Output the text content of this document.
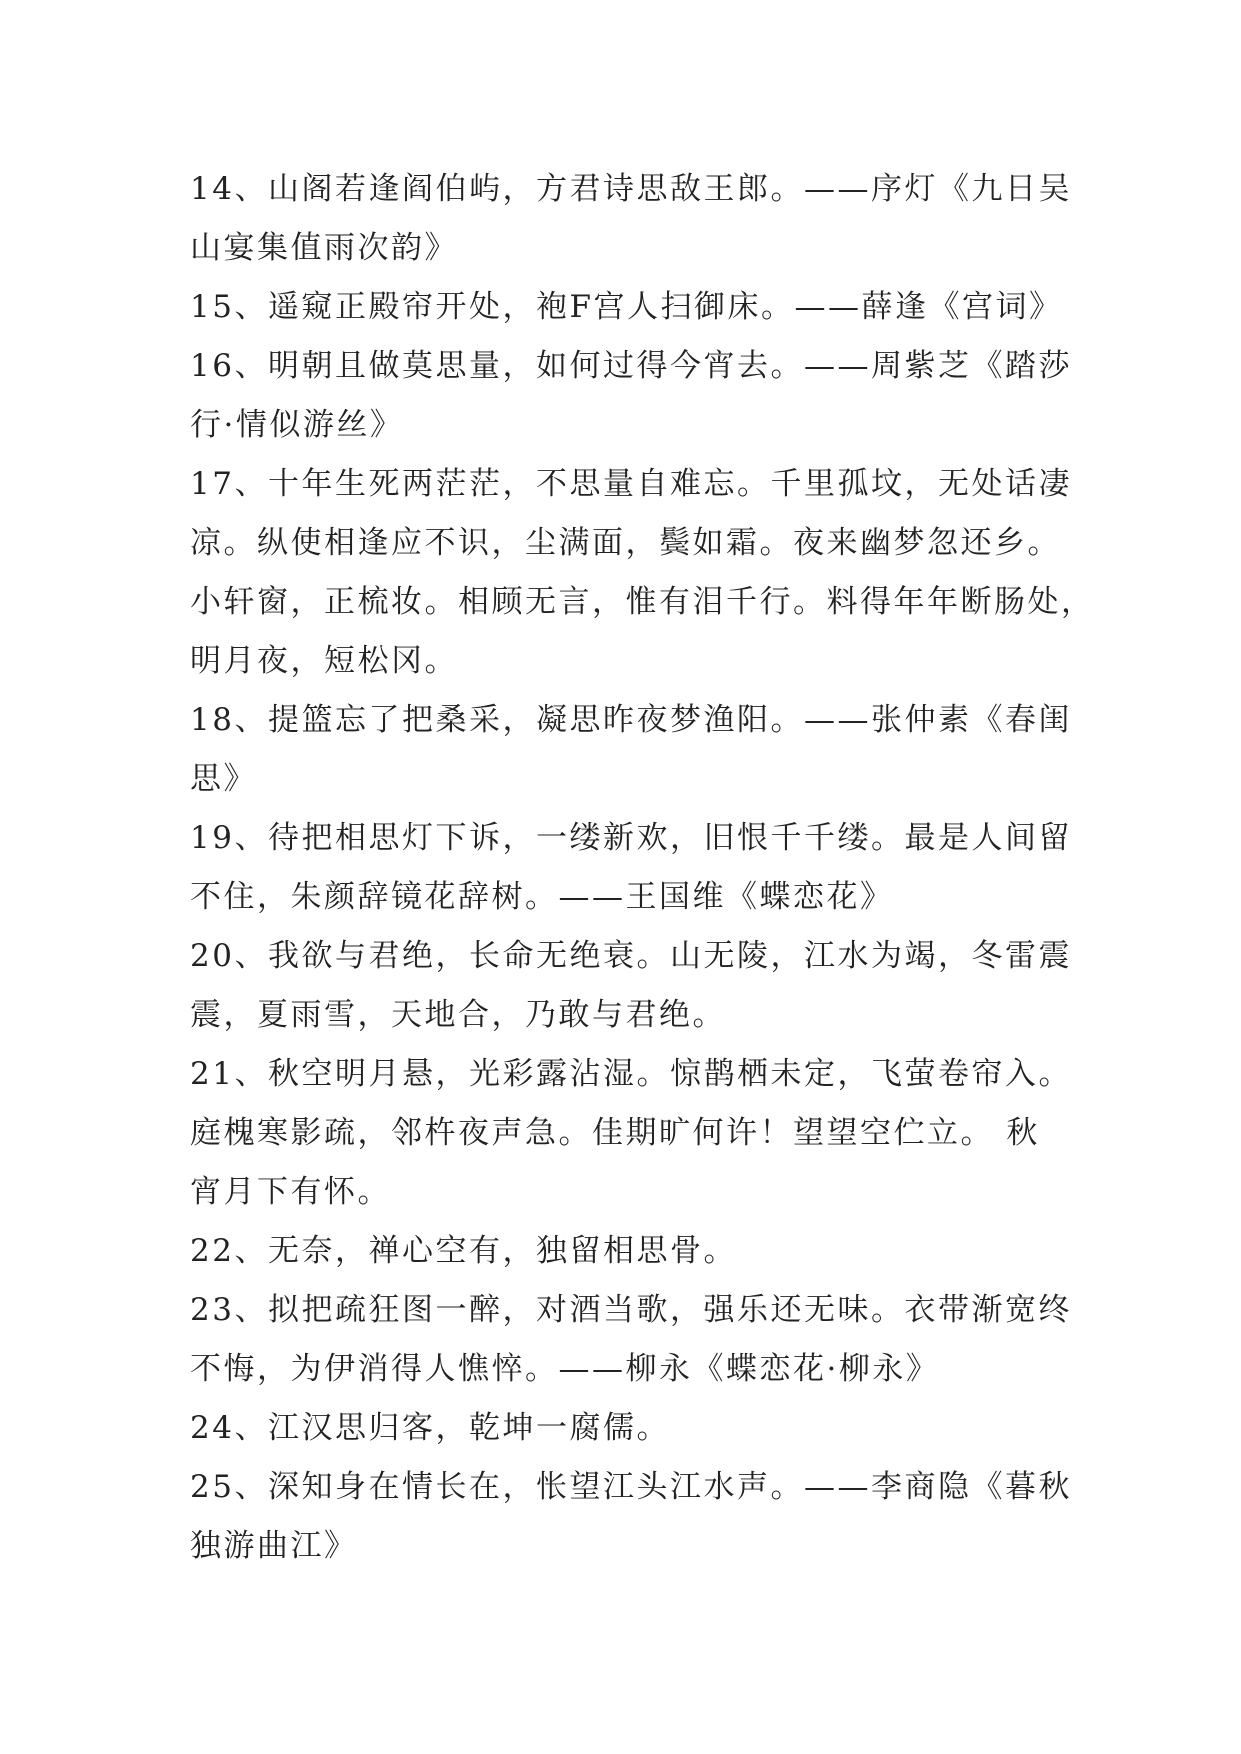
14、山阁若逢阎伯屿，方君诗思敌王郎。——序灯《九日吴
山宴集值雨次韵》
15、遥窥正殿帘开处，袍F宫人扫御床。——薛逢《宫词》
16、明朝且做莫思量，如何过得今宵去。——周紫芝《踏莎
行·情似游丝》
17、十年生死两茫茫，不思量自难忘。千里孤坟，无处话凄
凉。纵使相逢应不识，尘满面，鬓如霜。夜来幽梦忽还乡。
小轩窗，正梳妆。相顾无言，惟有泪千行。料得年年断肠处，
明月夜，短松冈。
18、提篮忘了把桑采，凝思昨夜梦渔阳。——张仲素《春闺
思》
19、待把相思灯下诉，一缕新欢，旧恨千千缕。最是人间留
不住，朱颜辞镜花辞树。——王国维《蝶恋花》
20、我欲与君绝，长命无绝衰。山无陵，江水为竭，冬雷震
震，夏雨雪，天地合，乃敢与君绝。
21、秋空明月悬，光彩露沾湿。惊鹊栖未定，飞萤卷帘入。
庭槐寒影疏，邻杵夜声急。佳期旷何许！望望空伫立。 秋
宵月下有怀。
22、无奈，禅心空有，独留相思骨。
23、拟把疏狂图一醉，对酒当歌，强乐还无味。衣带渐宽终
不悔，为伊消得人憔悴。——柳永《蝶恋花·柳永》
24、江汉思归客，乾坤一腐儒。
25、深知身在情长在，怅望江头江水声。——李商隐《暮秋
独游曲江》
